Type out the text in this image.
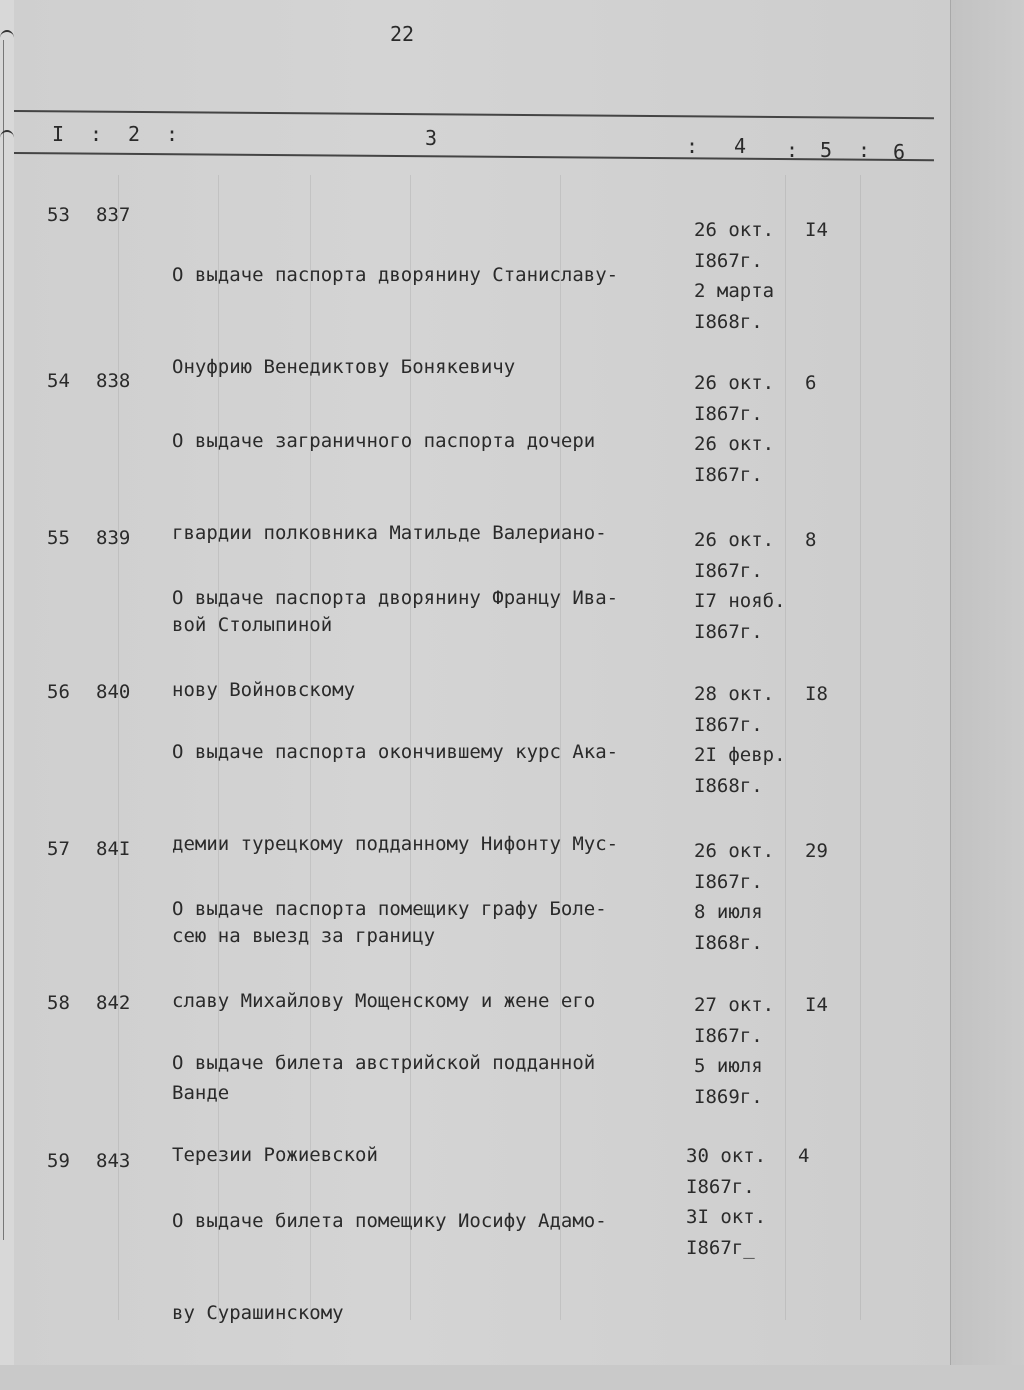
22
I : 2 :	3	: 4 : 5 : 6
53 837

О выдаче паспорта дворянину Станиславу-

Онуфрию Венедиктову Бонякевичу

26 окт.
I867г.
2 марта
I868г.
I4
54 838

О выдаче заграничного паспорта дочери

гвардии полковника Матильде Валериано-

вой Столыпиной

26 окт.
I867г.
26 окт.
I867г.
6
55 839

О выдаче паспорта дворянину Францу Ива-

нову Войновскому

26 окт.
I867г.
I7 нояб.
I867г.
8
56 840

О выдаче паспорта окончившему курс Ака-

демии турецкому подданному Нифонту Мус-

сею на выезд за границу

28 окт.
I867г.
2I февр.
I868г.
I8
57 84I

О выдаче паспорта помещику графу Боле-

славу Михайлову Мощенскому и жене его

Ванде

26 окт.
I867г.
8 июля
I868г.
29
58 842

О выдаче билета австрийской подданной

Терезии Рожиевской

27 окт.
I867г.
5 июля
I869г.
I4
59 843

О выдаче билета помещику Иосифу Адамо-

ву Сурашинскому

30 окт.
I867г.
3I окт.
I867г_
4
